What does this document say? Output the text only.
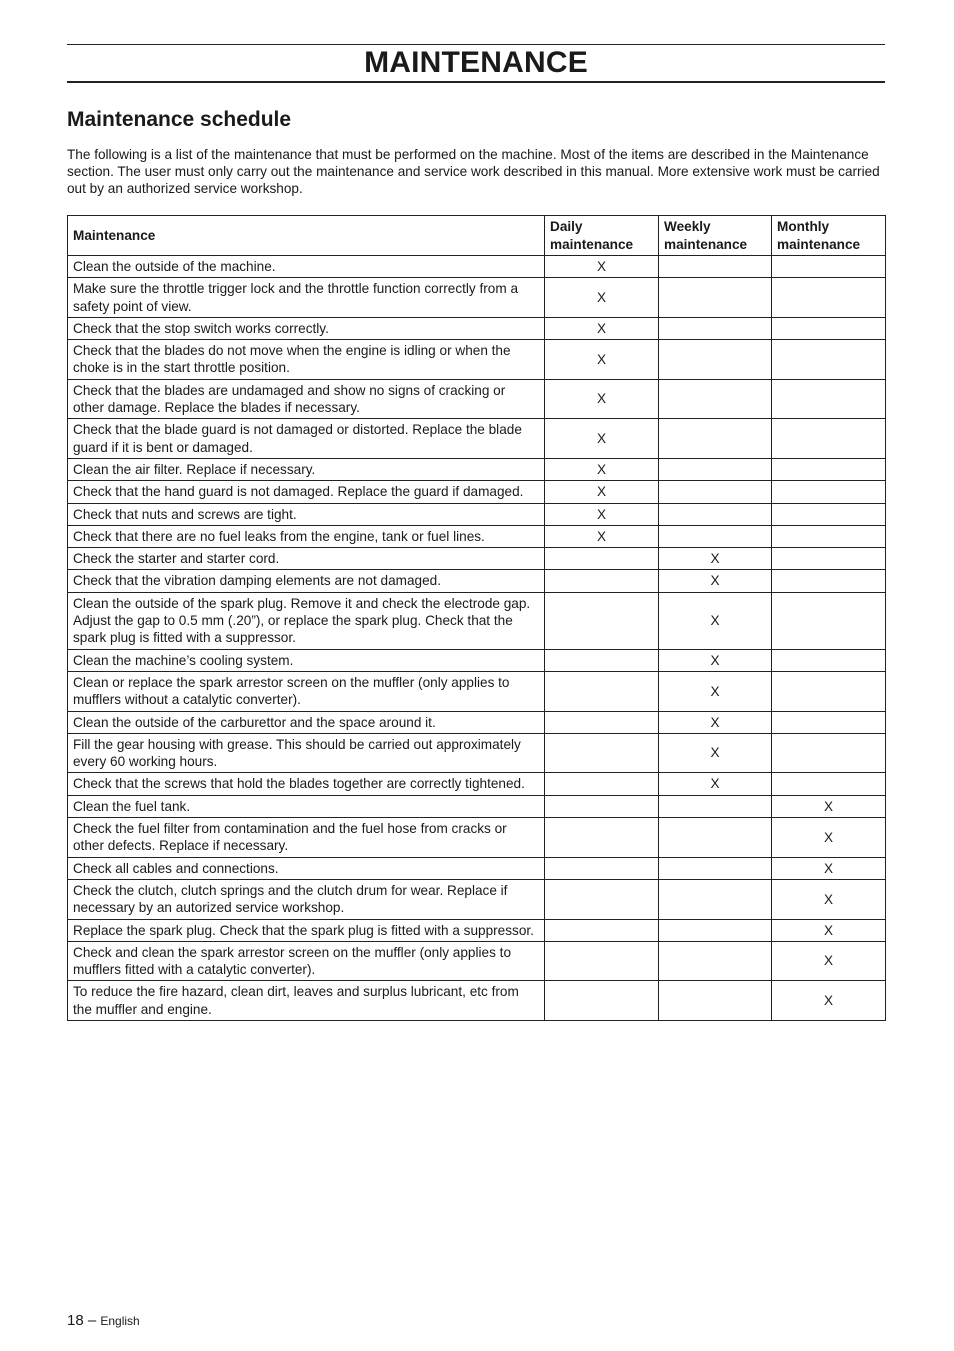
MAINTENANCE
Maintenance schedule

The following is a list of the maintenance that must be performed on the machine. Most of the items are described in the Maintenance section. The user must only carry out the maintenance and service work described in this manual. More extensive work must be carried out by an authorized service workshop.

Maintenance	Daily maintenance	Weekly maintenance	Monthly maintenance
Clean the outside of the machine.	X		
Make sure the throttle trigger lock and the throttle function correctly from a safety point of view.	X		
Check that the stop switch works correctly.	X		
Check that the blades do not move when the engine is idling or when the choke is in the start throttle position.	X		
Check that the blades are undamaged and show no signs of cracking or other damage. Replace the blades if necessary.	X		
Check that the blade guard is not damaged or distorted. Replace the blade guard if it is bent or damaged.	X		
Clean the air filter. Replace if necessary.	X		
Check that the hand guard is not damaged. Replace the guard if damaged.	X		
Check that nuts and screws are tight.	X		
Check that there are no fuel leaks from the engine, tank or fuel lines.	X		
Check the starter and starter cord.		X	
Check that the vibration damping elements are not damaged.		X	
Clean the outside of the spark plug. Remove it and check the electrode gap. Adjust the gap to 0.5 mm (.20”), or replace the spark plug. Check that the spark plug is fitted with a suppressor.		X	
Clean the machine’s cooling system.		X	
Clean or replace the spark arrestor screen on the muffler (only applies to mufflers without a catalytic converter).		X	
Clean the outside of the carburettor and the space around it.		X	
Fill the gear housing with grease. This should be carried out approximately every 60 working hours.		X	
Check that the screws that hold the blades together are correctly tightened.		X	
Clean the fuel tank.			X
Check the fuel filter from contamination and the fuel hose from cracks or other defects. Replace if necessary.			X
Check all cables and connections.			X
Check the clutch, clutch springs and the clutch drum for wear. Replace if necessary by an autorized service workshop.			X
Replace the spark plug. Check that the spark plug is fitted with a suppressor.			X
Check and clean the spark arrestor screen on the muffler (only applies to mufflers fitted with a catalytic converter).			X
To reduce the fire hazard, clean dirt, leaves and surplus lubricant, etc from the muffler and engine.			X

18 – English
